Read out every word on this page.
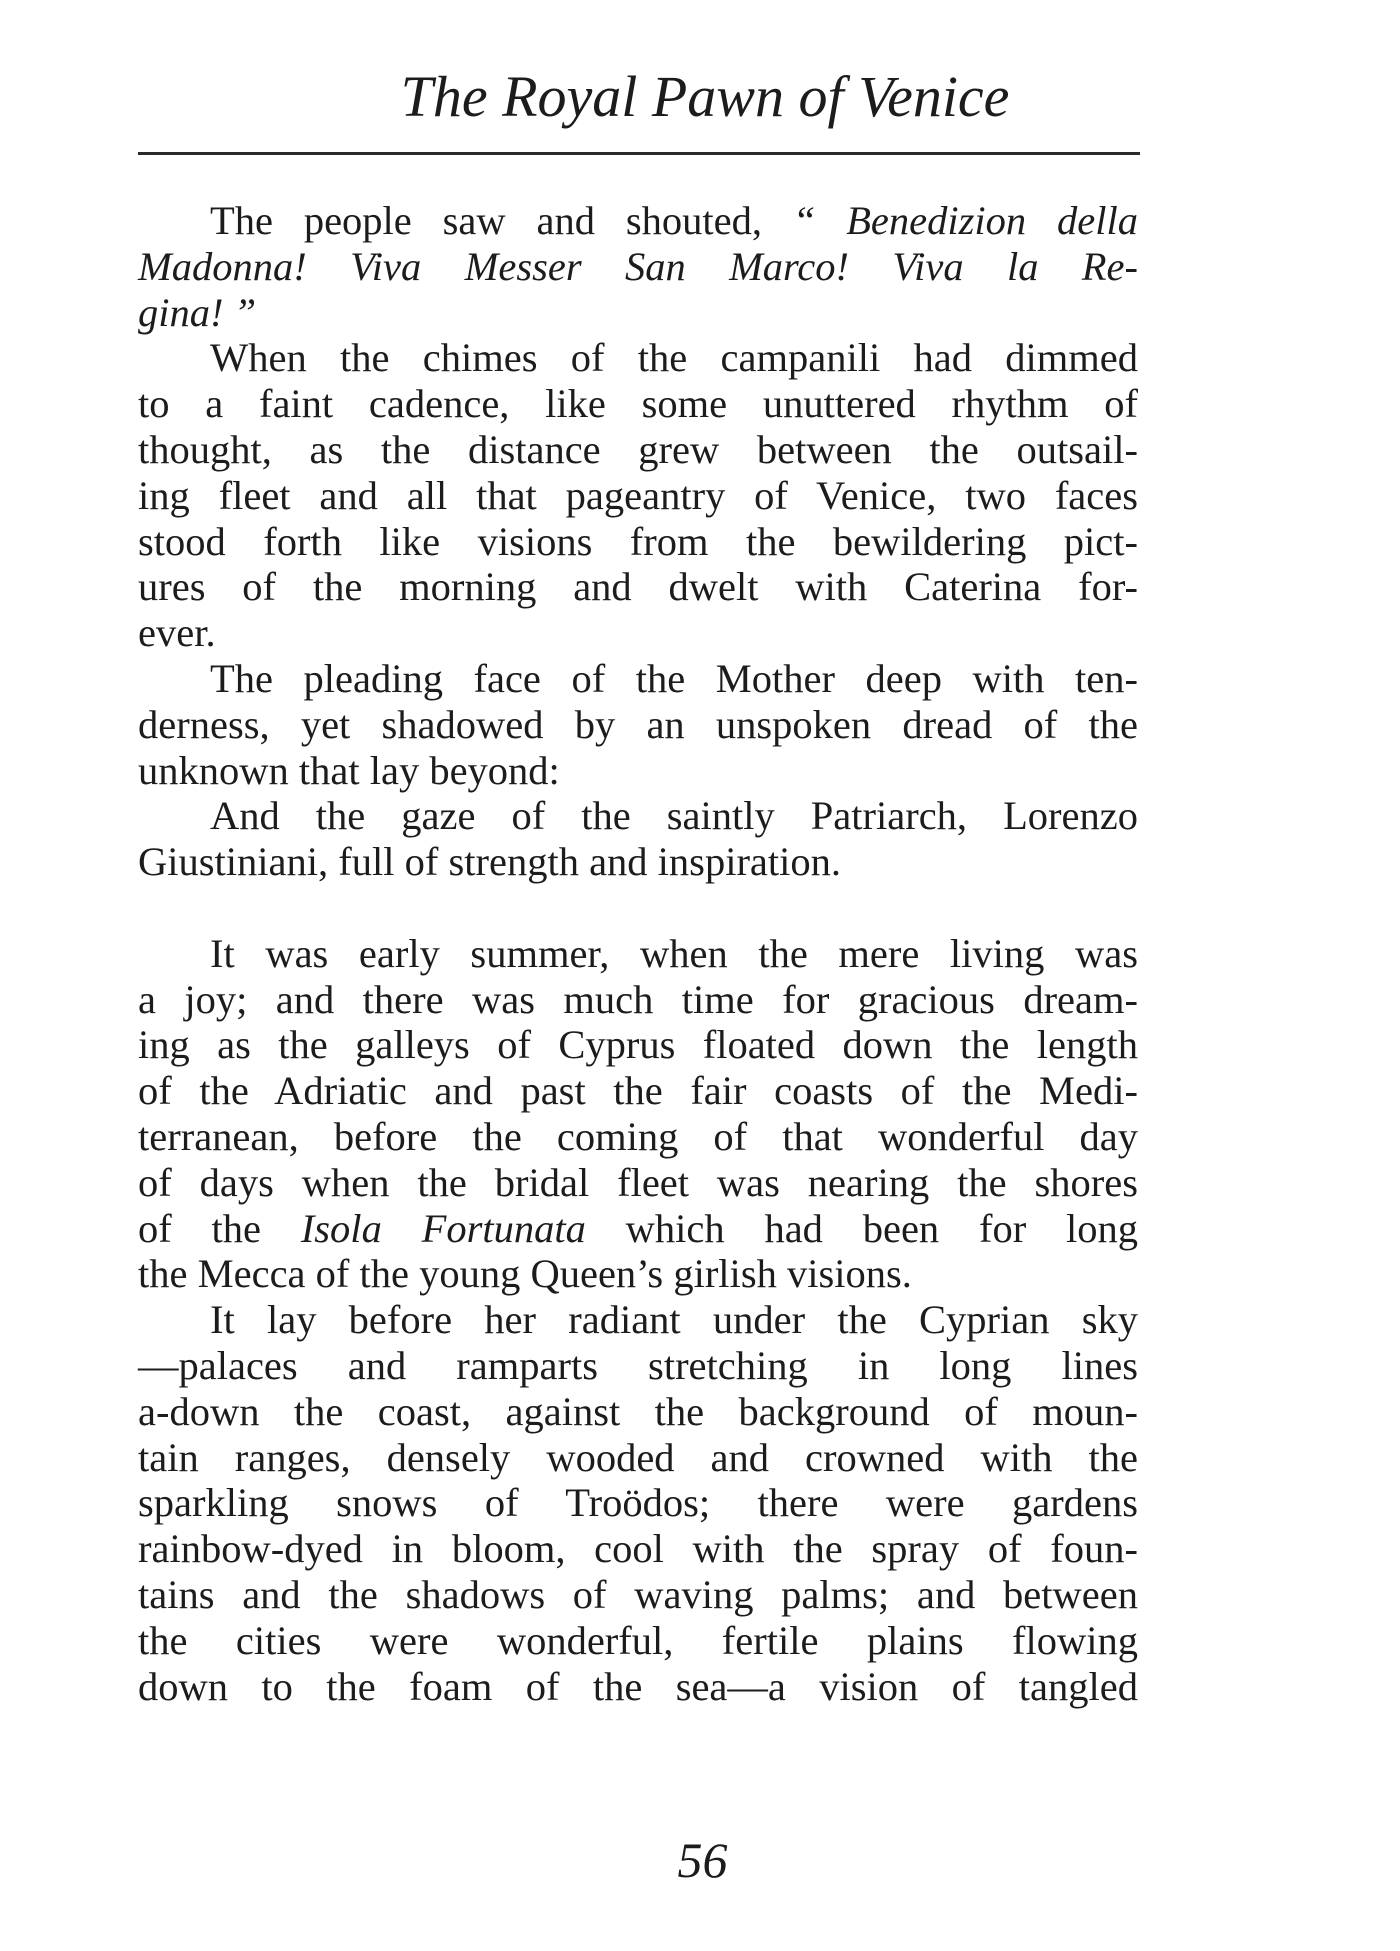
The Royal Pawn of Venice
The people saw and shouted, “ Benedizion della
Madonna! Viva Messer San Marco! Viva la Re-
gina! ”
When the chimes of the campanili had dimmed
to a faint cadence, like some unuttered rhythm of
thought, as the distance grew between the outsail-
ing fleet and all that pageantry of Venice, two faces
stood forth like visions from the bewildering pict-
ures of the morning and dwelt with Caterina for-
ever.
The pleading face of the Mother deep with ten-
derness, yet shadowed by an unspoken dread of the
unknown that lay beyond:
And the gaze of the saintly Patriarch, Lorenzo
Giustiniani, full of strength and inspiration.
It was early summer, when the mere living was
a joy; and there was much time for gracious dream-
ing as the galleys of Cyprus floated down the length
of the Adriatic and past the fair coasts of the Medi-
terranean, before the coming of that wonderful day
of days when the bridal fleet was nearing the shores
of the Isola Fortunata which had been for long
the Mecca of the young Queen’s girlish visions.
It lay before her radiant under the Cyprian sky
—palaces and ramparts stretching in long lines
a-down the coast, against the background of moun-
tain ranges, densely wooded and crowned with the
sparkling snows of Troödos; there were gardens
rainbow-dyed in bloom, cool with the spray of foun-
tains and the shadows of waving palms; and between
the cities were wonderful, fertile plains flowing
down to the foam of the sea—a vision of tangled
56
